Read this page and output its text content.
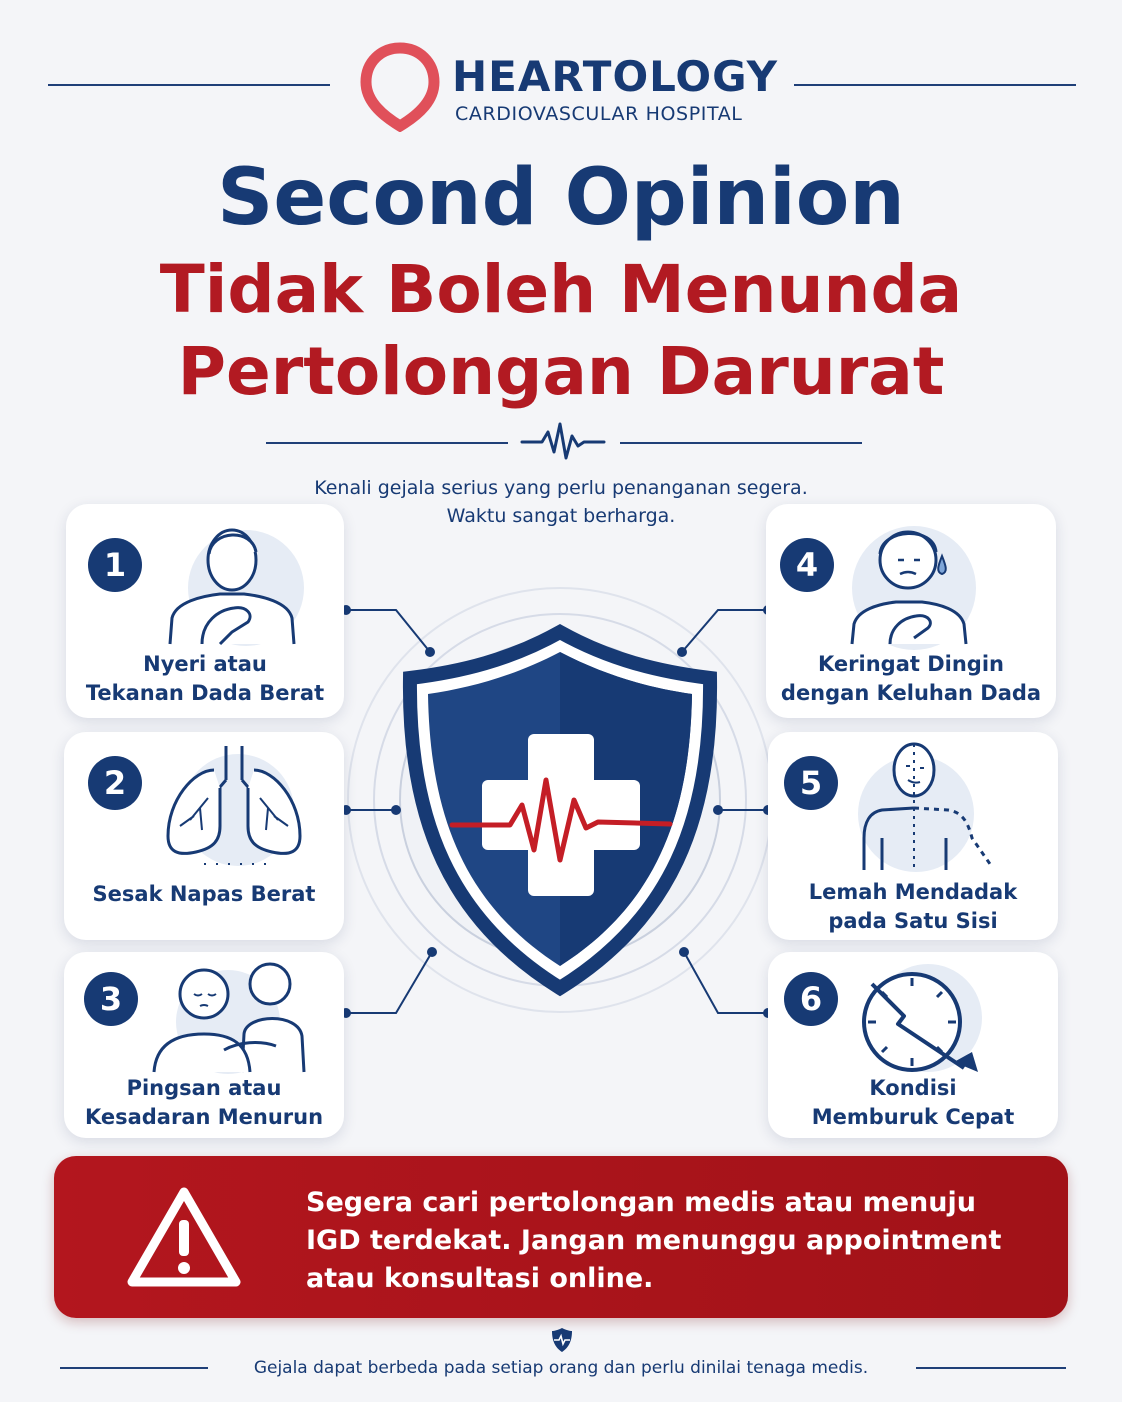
HEARTOLOGY
CARDIOVASCULAR HOSPITAL
Second Opinion
Tidak Boleh Menunda
Pertolongan Darurat
Kenali gejala serius yang perlu penanganan segera.
Waktu sangat berharga.
1
Nyeri atau
Tekanan Dada Berat
2
Sesak Napas Berat
3
Pingsan atau
Kesadaran Menurun
4
Keringat Dingin
dengan Keluhan Dada
5
Lemah Mendadak
pada Satu Sisi
6
Kondisi
Memburuk Cepat
Segera cari pertolongan medis atau menuju
IGD terdekat. Jangan menunggu appointment
atau konsultasi online.
Gejala dapat berbeda pada setiap orang dan perlu dinilai tenaga medis.
